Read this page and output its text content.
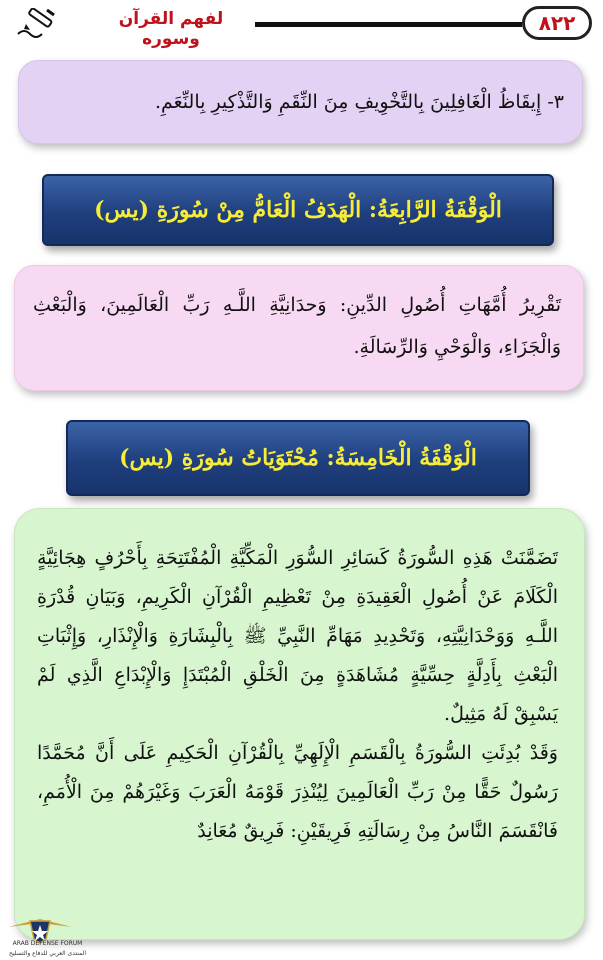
٨٢٢
لفهم القرآن وسوره
٣- إِيقَاظُ الْغَافِلِينَ بِالتَّخْوِيفِ مِنَ النِّقَمِ وَالتَّذْكِيرِ بِالنِّعَمِ.
الْوَقْفَةُ الرَّابِعَةُ: الْهَدَفُ الْعَامُّ مِنْ سُورَةِ (يس)
تَقْرِيرُ أُمَّهَاتِ أُصُولِ الدِّينِ: وَحدَانِيَّةِ اللَّـهِ رَبِّ الْعَالَمِينَ، وَالْبَعْثِ وَالْجَزَاءِ، وَالْوَحْيِ وَالرِّسَالَةِ.
الْوَقْفَةُ الْخَامِسَةُ: مُحْتَوَيَاتُ سُورَةِ (يس)
تَضَمَّنَتْ هَذِهِ السُّورَةُ كَسَائِرِ السُّوَرِ الْمَكِّيَّةِ الْمُفْتَتِحَةِ بِأَحْرُفٍ هِجَائِيَّةٍ الْكَلَامَ عَنْ أُصُولِ الْعَقِيدَةِ مِنْ تَعْظِيمِ الْقُرْآنِ الْكَرِيمِ، وَبَيَانِ قُدْرَةِ اللَّـهِ وَوَحْدَانِيَّتِهِ، وَتَحْدِيدِ مَهَامِّ النَّبِيِّ ﷺ بِالْبِشَارَةِ وَالْإِنْذَارِ، وَإِثْبَاتِ الْبَعْثِ بِأَدِلَّةٍ حِسِّيَّةٍ مُشَاهَدَةٍ مِنَ الْخَلْقِ الْمُبْتَدَإِ وَالْإِبْدَاعِ الَّذِي لَمْ يَسْبِقْ لَهُ مَثِيلٌ.
وَقَدْ بُدِئَتِ السُّورَةُ بِالْقَسَمِ الْإِلَهِيِّ بِالْقُرْآنِ الْحَكِيمِ عَلَى أَنَّ مُحَمَّدًا رَسُولٌ حَقًّا مِنْ رَبِّ الْعَالَمِينَ لِيُنْذِرَ قَوْمَهُ الْعَرَبَ وَغَيْرَهُمْ مِنَ الْأُمَمِ، فَانْقَسَمَ النَّاسُ مِنْ رِسَالَتِهِ فَرِيقَيْنِ: فَرِيقٌ مُعَانِدٌ
ARAB DEFENSE FORUM
المنتدى العربي للدفاع والتسليح
